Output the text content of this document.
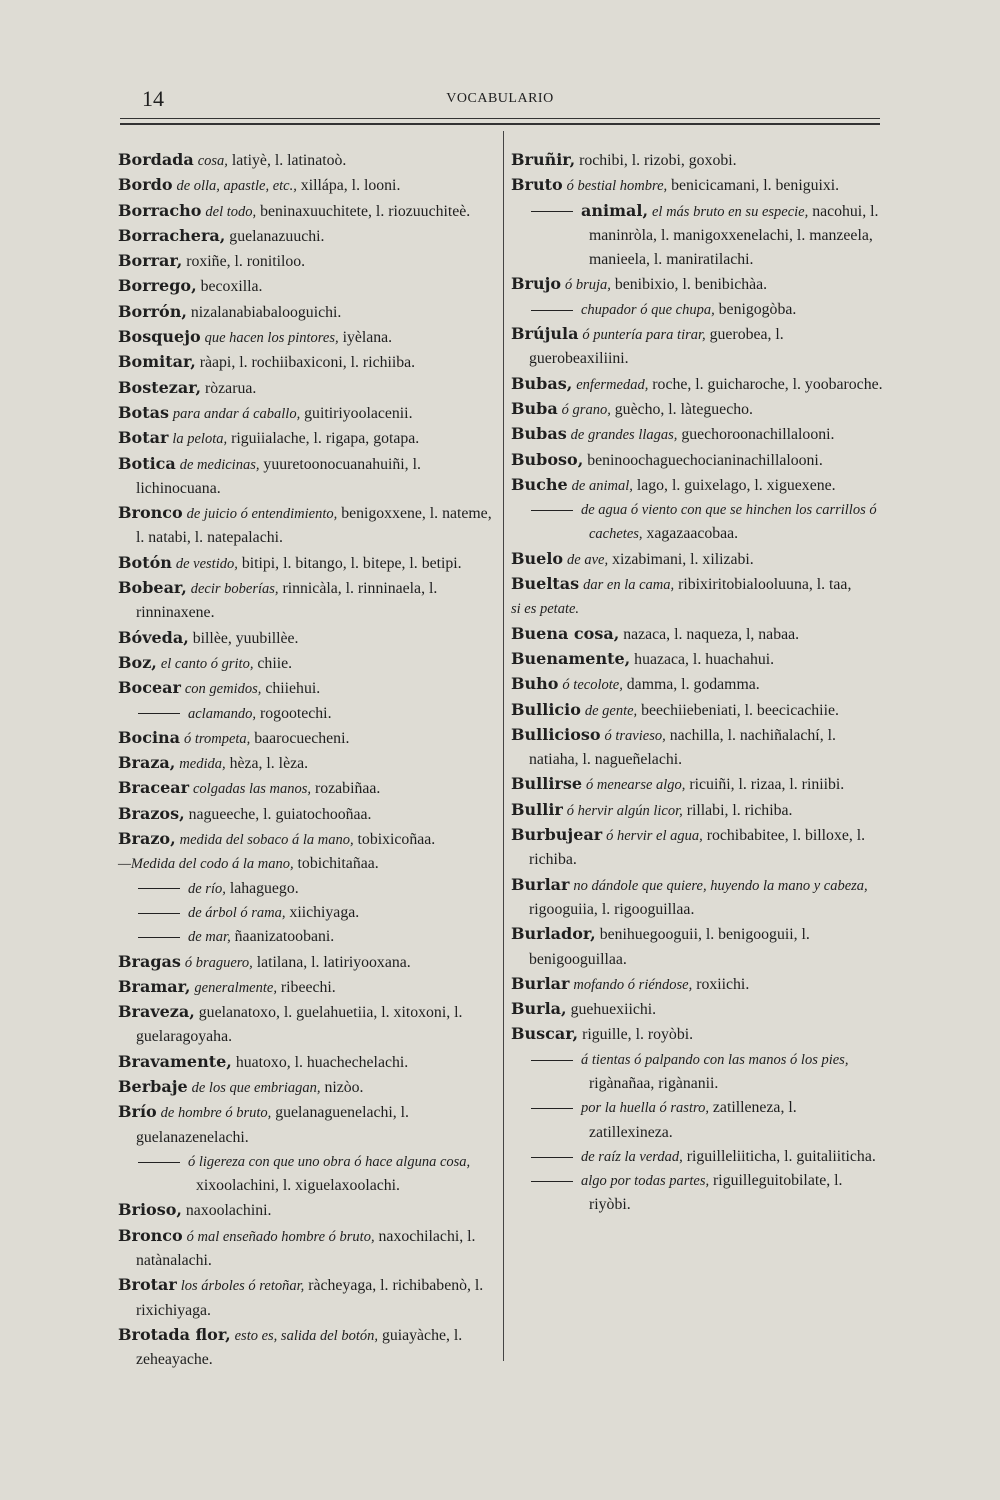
14	VOCABULARIO

Bordada cosa, latiyè, l. latinatoò.

Bordo de olla, apastle, etc., xillápa, l. looni.

Borracho del todo, beninaxuuchitete, l. riozuuchiteè.

Borrachera, guelanazuuchi.

Borrar, roxiñe, l. ronitiloo.

Borrego, becoxilla.

Borrón, nizalanabiabalooguichi.

Bosquejo que hacen los pintores, iyèlana.

Bomitar, ràapi, l. rochiibaxiconi, l. richiiba.

Bostezar, ròzarua.

Botas para andar á caballo, guitiriyoolacenii.

Botar la pelota, riguiialache, l. rigapa, gotapa.

Botica de medicinas, yuuretoonocuanahuiñi, l. lichinocuana.

Bronco de juicio ó entendimiento, benigoxxene, l. nateme, l. natabi, l. natepalachi.

Botón de vestido, bitipi, l. bitango, l. bitepe, l. betipi.

Bobear, decir boberías, rinnicàla, l. rinninaela, l. rinninaxene.

Bóveda, billèe, yuubillèe.

Boz, el canto ó grito, chiie.

Bocear con gemidos, chiiehui.

aclamando, rogootechi.

Bocina ó trompeta, baarocuecheni.

Braza, medida, hèza, l. lèza.

Bracear colgadas las manos, rozabiñaa.

Brazos, nagueeche, l. guiatochooñaa.

Brazo, medida del sobaco á la mano, tobixicoñaa.

—Medida del codo á la mano, tobichitañaa.

de río, lahaguego.

de árbol ó rama, xiichiyaga.

de mar, ñaanizatoobani.

Bragas ó braguero, latilana, l. latiriyooxana.

Bramar, generalmente, ribeechi.

Braveza, guelanatoxo, l. guelahuetiia, l. xitoxoni, l. guelaragoyaha.

Bravamente, huatoxo, l. huachechelachi.

Berbaje de los que embriagan, nizòo.

Brío de hombre ó bruto, guelanaguenelachi, l. guelanazenelachi.

ó ligereza con que uno obra ó hace alguna cosa, xixoolachini, l. xiguelaxoolachi.

Brioso, naxoolachini.

Bronco ó mal enseñado hombre ó bruto, naxochilachi, l. natànalachi.

Brotar los árboles ó retoñar, ràcheyaga, l. richibabenò, l. rixichiyaga.

Brotada flor, esto es, salida del botón, guiayàche, l. zeheayache.

Bruñir, rochibi, l. rizobi, goxobi.

Bruto ó bestial hombre, benicicamani, l. beniguixi.

animal, el más bruto en su especie, nacohui, l. maninròla, l. manigoxxenelachi, l. manzeela, manieela, l. maniratilachi.

Brujo ó bruja, benibixio, l. benibichàa.

chupador ó que chupa, benigogòba.

Brújula ó puntería para tirar, guerobea, l. guerobeaxiliini.

Bubas, enfermedad, roche, l. guicharoche, l. yoobaroche.

Buba ó grano, guècho, l. làteguecho.

Bubas de grandes llagas, guechoroonachillalooni.

Buboso, beninoochaguechocianinachillalooni.

Buche de animal, lago, l. guixelago, l. xiguexene.

de agua ó viento con que se hinchen los carrillos ó cachetes, xagazaacobaa.

Buelo de ave, xizabimani, l. xilizabi.

Bueltas dar en la cama, ribixiritobialooluuna, l. taa,

si es petate.

Buena cosa, nazaca, l. naqueza, l, nabaa.

Buenamente, huazaca, l. huachahui.

Buho ó tecolote, damma, l. godamma.

Bullicio de gente, beechiiebeniati, l. beecicachiie.

Bullicioso ó travieso, nachilla, l. nachiñalachí, l. natiaha, l. nagueñelachi.

Bullirse ó menearse algo, ricuiñi, l. rizaa, l. riniibi.

Bullir ó hervir algún licor, rillabi, l. richiba.

Burbujear ó hervir el agua, rochibabitee, l. billoxe, l. richiba.

Burlar no dándole que quiere, huyendo la mano y cabeza, rigooguiia, l. rigooguillaa.

Burlador, benihuegooguii, l. benigooguii, l. benigooguillaa.

Burlar mofando ó riéndose, roxiichi.

Burla, guehuexiichi.

Buscar, riguille, l. royòbi.

á tientas ó palpando con las manos ó los pies, rigànañaa, rigànanii.

por la huella ó rastro, zatilleneza, l. zatillexineza.

de raíz la verdad, riguilleliiticha, l. guitaliiticha.

algo por todas partes, riguilleguitobilate, l. riyòbi.
